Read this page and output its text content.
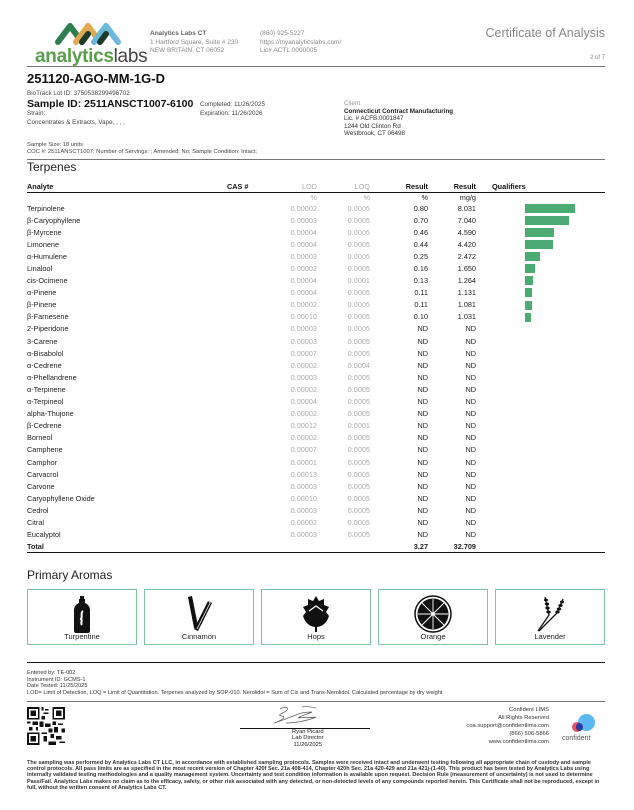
analyticslabs
Analytics Labs CT
1 Hartford Square, Suite # 230
NEW BRITAIN, CT 06052
(860) 925-5227
https://myanalyticslabs.com/
Lic# ACTL.0000005
Certificate of Analysis
2 of 7
251120-AGO-MM-1G-D
BioTrack Lot ID: 3750538299496702
Sample ID: 2511ANSCT1007-6100 Completed: 11/26/2025
Expiration: 11/26/2026
Strain:
Concentrates & Extracts, Vape, , , ,
Client
Connecticut Contract Manufacturing
Lic. # ACFB.0001847
1244 Old Clinton Rd
Westbrook, CT 06498
Sample Size: 18 units
COC #: 2511ANSCT1007; Number of Servings: ; Amended: No; Sample Condition: Intact;
Terpenes
Analyte	CAS #	LOD	LOQ	Result	Result	Qualifiers
		%	%	%	mg/g	
Terpinolene		0.00002	0.0005	0.80	8.031	
β-Caryophyllene		0.00003	0.0005	0.70	7.040	
β-Myrcene		0.00004	0.0005	0.46	4.590	
Limonene		0.00004	0.0005	0.44	4.420	
α-Humulene		0.00003	0.0005	0.25	2.472	
Linalool		0.00002	0.0005	0.16	1.650	
cis-Ocimene		0.00004	0.0001	0.13	1.264	
α-Pinene		0.00004	0.0005	0.11	1.131	
β-Pinene		0.00002	0.0005	0.11	1.081	
β-Farnesene		0.00010	0.0005	0.10	1.031	
2-Piperidone		0.00003	0.0005	ND	ND	
3-Carene		0.00003	0.0005	ND	ND	
α-Bisabolol		0.00007	0.0005	ND	ND	
α-Cedrene		0.00002	0.0004	ND	ND	
α-Phellandrene		0.00003	0.0005	ND	ND	
α-Terpinene		0.00002	0.0005	ND	ND	
α-Terpineol		0.00004	0.0005	ND	ND	
alpha-Thujone		0.00002	0.0005	ND	ND	
β-Cedrene		0.00012	0.0001	ND	ND	
Borneol		0.00002	0.0005	ND	ND	
Camphene		0.00007	0.0005	ND	ND	
Camphor		0.00001	0.0005	ND	ND	
Carvacrol		0.00013	0.0005	ND	ND	
Carvone		0.00003	0.0005	ND	ND	
Caryophyllene Oxide		0.00010	0.0005	ND	ND	
Cedrol		0.00003	0.0005	ND	ND	
Citral		0.00002	0.0005	ND	ND	
Eucalyptol		0.00003	0.0005	ND	ND	
Total				3.27	32.709	
Primary Aromas
Turpentine	Cinnamon	Hops	Orange	Lavender
Entered by: TE-002
Instrument ID: GCMS-1
Date Tested: 11/25/2025
LOD= Limit of Detection, LOQ = Limit of Quantitation. Terpenes analyzed by SOP-010. Nerolidol = Sum of Cis and Trans-Nerolidol. Calculated percentage by dry weight
Ryan Picard
Lab Director
11/26/2025
Confident LIMS
All Rights Reserved
coa.support@confidentlims.com
(866) 506-5866
www.confidentlims.com confident
The sampling was performed by Analytics Labs CT LLC, in accordance with established sampling protocols. Samples were received intact and underwent testing following all appropriate chain of custody and sample control protocols. All pass limits are as specified in the most recent version of Chapter 420f Sec. 21a 408-414, Chapter 420h Sec. 21a 420-429 and 21a 421j-(1-40). This product has been tested by Analytics Labs using internally validated testing methodologies and a quality management system. Uncertainty and test condition information is available upon request. Decision Rule (measurement of uncertainty) is not used to determine Pass/Fail. Analytics Labs makes no claim as to the efficacy, safety, or other risk associated with any detected, or non-detected levels of any compounds reported herein. This Certificate shall not be reproduced, except in full, without the written consent of Analytics Labs CT.
